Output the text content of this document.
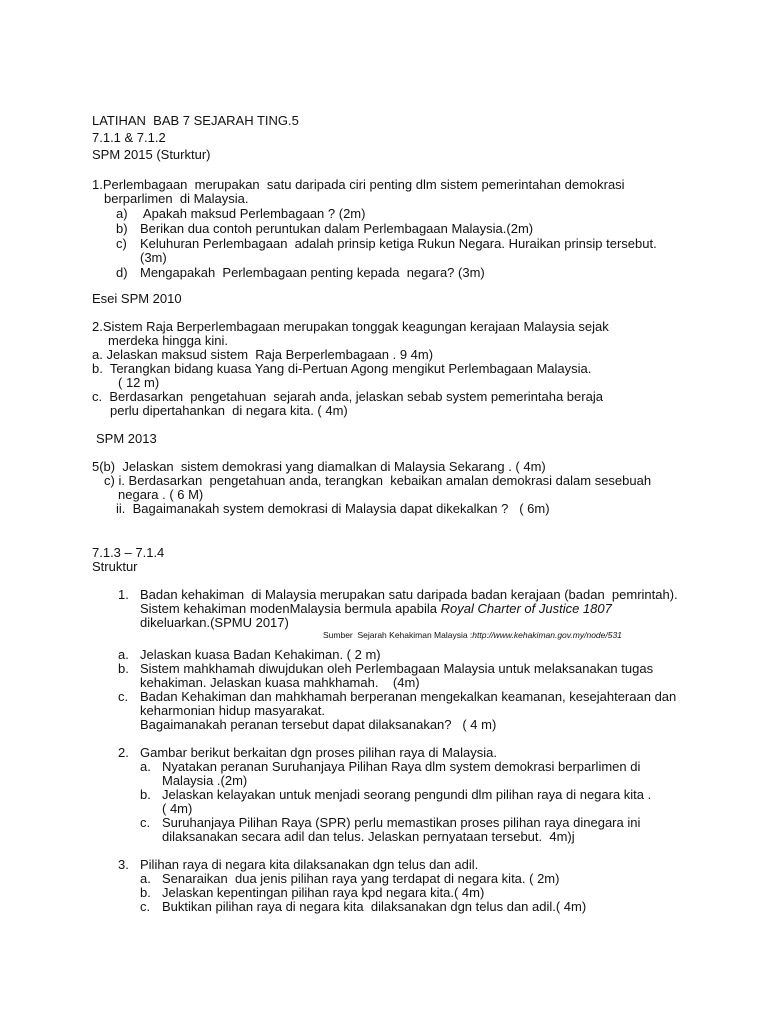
LATIHAN  BAB 7 SEJARAH TING.5
7.1.1 & 7.1.2
SPM 2015 (Sturktur)
1.Perlembagaan  merupakan  satu daripada ciri penting dlm sistem pemerintahan demokrasi
berparlimen  di Malaysia.
a) Apakah maksud Perlembagaan ? (2m)
b) Berikan dua contoh peruntukan dalam Perlembagaan Malaysia.(2m)
c) Keluhuran Perlembagaan  adalah prinsip ketiga Rukun Negara. Huraikan prinsip tersebut.
(3m)
d) Mengapakah  Perlembagaan penting kepada  negara? (3m)
Esei SPM 2010
2.Sistem Raja Berperlembagaan merupakan tonggak keagungan kerajaan Malaysia sejak
merdeka hingga kini.
a. Jelaskan maksud sistem  Raja Berperlembagaan . 9 4m)
b.  Terangkan bidang kuasa Yang di-Pertuan Agong mengikut Perlembagaan Malaysia.
( 12 m)
c.  Berdasarkan  pengetahuan  sejarah anda, jelaskan sebab system pemerintaha beraja
perlu dipertahankan  di negara kita. ( 4m)
SPM 2013
5(b)  Jelaskan  sistem demokrasi yang diamalkan di Malaysia Sekarang . ( 4m)
c) i. Berdasarkan  pengetahuan anda, terangkan  kebaikan amalan demokrasi dalam sesebuah
negara . ( 6 M)
ii.  Bagaimanakah system demokrasi di Malaysia dapat dikekalkan ?   ( 6m)
7.1.3 – 7.1.4
Struktur
1. Badan kehakiman  di Malaysia merupakan satu daripada badan kerajaan (badan  pemrintah).
Sistem kehakiman modenMalaysia bermula apabila Royal Charter of Justice 1807
dikeluarkan.(SPMU 2017)
Sumber  Sejarah Kehakiman Malaysia :http://www.kehakiman.gov.my/node/531
a. Jelaskan kuasa Badan Kehakiman. ( 2 m)
b. Sistem mahkhamah diwujdukan oleh Perlembagaan Malaysia untuk melaksanakan tugas
kehakiman. Jelaskan kuasa mahkhamah.    (4m)
c. Badan Kehakiman dan mahkhamah berperanan mengekalkan keamanan, kesejahteraan dan
keharmonian hidup masyarakat.
Bagaimanakah peranan tersebut dapat dilaksanakan?   ( 4 m)
2. Gambar berikut berkaitan dgn proses pilihan raya di Malaysia.
a. Nyatakan peranan Suruhanjaya Pilihan Raya dlm system demokrasi berparlimen di
Malaysia .(2m)
b. Jelaskan kelayakan untuk menjadi seorang pengundi dlm pilihan raya di negara kita .
( 4m)
c. Suruhanjaya Pilihan Raya (SPR) perlu memastikan proses pilihan raya dinegara ini
dilaksanakan secara adil dan telus. Jelaskan pernyataan tersebut.  4m)j
3. Pilihan raya di negara kita dilaksanakan dgn telus dan adil.
a. Senaraikan  dua jenis pilihan raya yang terdapat di negara kita. ( 2m)
b. Jelaskan kepentingan pilihan raya kpd negara kita.( 4m)
c. Buktikan pilihan raya di negara kita  dilaksanakan dgn telus dan adil.( 4m)
